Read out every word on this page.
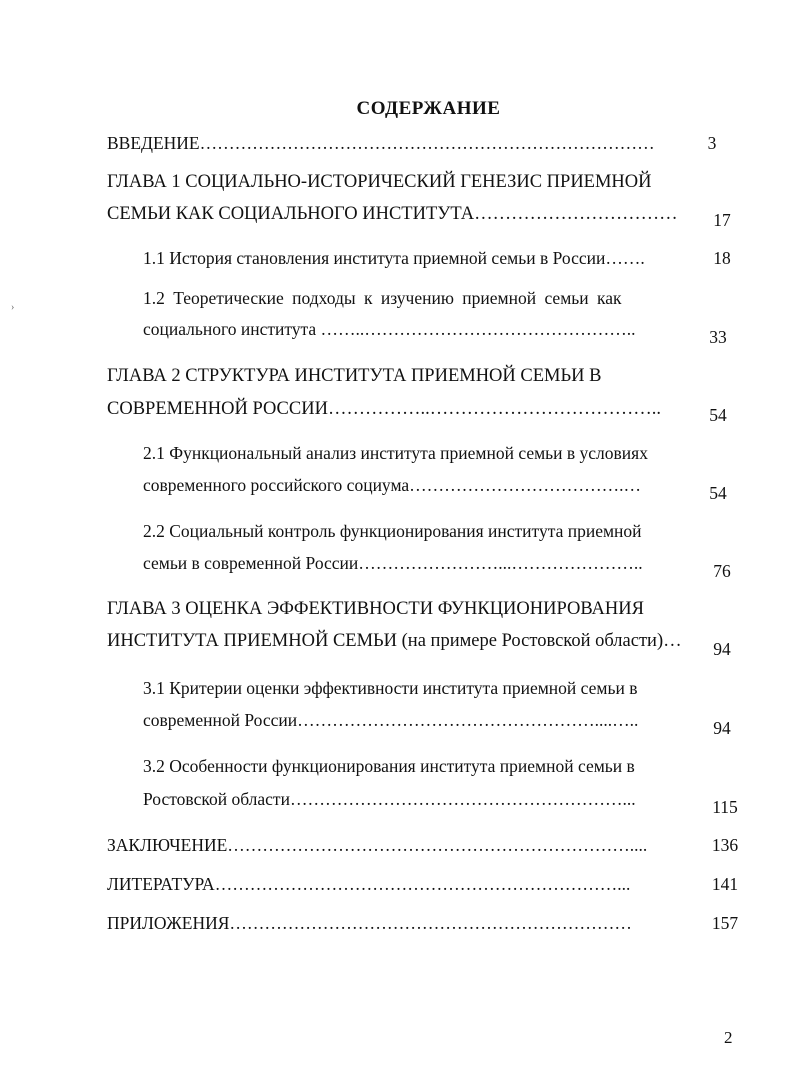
СОДЕРЖАНИЕ
ВВЕДЕНИЕ……………………………………………………………………	3
ГЛАВА 1 СОЦИАЛЬНО-ИСТОРИЧЕСКИЙ ГЕНЕЗИС ПРИЕМНОЙ
СЕМЬИ КАК СОЦИАЛЬНОГО ИНСТИТУТА……………………………	17
1.1 История становления института приемной семьи в России…….	18
1.2 Теоретические подходы к изучению приемной семьи как
социального института ……..………………………………………..	33
ГЛАВА 2 СТРУКТУРА ИНСТИТУТА ПРИЕМНОЙ СЕМЬИ В
СОВРЕМЕННОЙ РОССИИ……………..………………………………..	54
2.1 Функциональный анализ института приемной семьи в условиях
современного российского социума……………………………….…	54
2.2 Социальный контроль функционирования института приемной
семьи в современной России……………………...…………………..	76
ГЛАВА 3 ОЦЕНКА ЭФФЕКТИВНОСТИ ФУНКЦИОНИРОВАНИЯ
ИНСТИТУТА ПРИЕМНОЙ СЕМЬИ (на примере Ростовской области)…	94
3.1 Критерии оценки эффективности института приемной семьи в
современной России……………………………………………....…..	94
3.2 Особенности функционирования института приемной семьи в
Ростовской области…………………………………………………...	115
ЗАКЛЮЧЕНИЕ……………………………………………………………....	136
ЛИТЕРАТУРА……………………………………………………………...	141
ПРИЛОЖЕНИЯ……………………………………………………………	157
›
2
